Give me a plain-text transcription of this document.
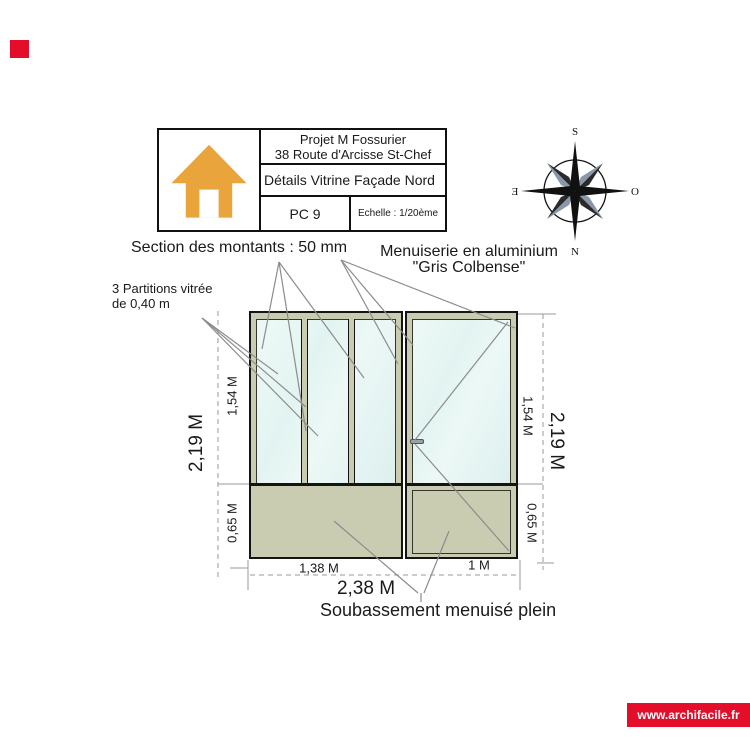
Projet M Fossurier
38 Route d'Arcisse St-Chef
Détails Vitrine Façade Nord
PC 9	Echelle : 1/20ème
S
N
Ǝ	O
Section des montants : 50 mm
3 Partitions vitrée
de 0,40 m
Menuiserie en aluminium
"Gris Colbense"
Soubassement menuisé plein
2,19 M
1,54 M
0,65 M
1,54 M 2,19 M
0,65 M
1,38 M	1 M
2,38 M
www.archifacile.fr
